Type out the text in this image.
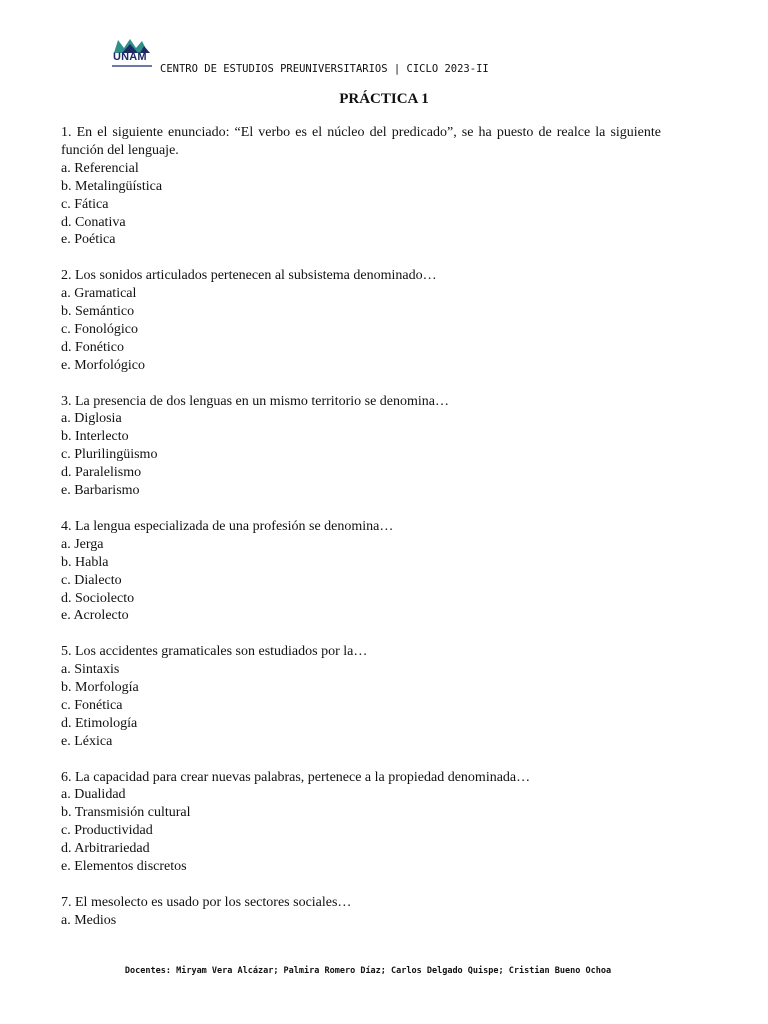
UNAM
CENTRO DE ESTUDIOS PREUNIVERSITARIOS | CICLO 2023-II
PRÁCTICA 1
1. En el siguiente enunciado: “El verbo es el núcleo del predicado”, se ha puesto de realce la siguiente función del lenguaje.
a. Referencial
b. Metalingüística
c. Fática
d. Conativa
e. Poética
2. Los sonidos articulados pertenecen al subsistema denominado…
a. Gramatical
b. Semántico
c. Fonológico
d. Fonético
e. Morfológico
3. La presencia de dos lenguas en un mismo territorio se denomina…
a. Diglosia
b. Interlecto
c. Plurilingüismo
d. Paralelismo
e. Barbarismo
4. La lengua especializada de una profesión se denomina…
a. Jerga
b. Habla
c. Dialecto
d. Sociolecto
e. Acrolecto
5. Los accidentes gramaticales son estudiados por la…
a. Sintaxis
b. Morfología
c. Fonética
d. Etimología
e. Léxica
6. La capacidad para crear nuevas palabras, pertenece a la propiedad denominada…
a. Dualidad
b. Transmisión cultural
c. Productividad
d. Arbitrariedad
e. Elementos discretos
7. El mesolecto es usado por los sectores sociales…
a. Medios
Docentes: Miryam Vera Alcázar; Palmira Romero Díaz; Carlos Delgado Quispe; Cristian Bueno Ochoa
